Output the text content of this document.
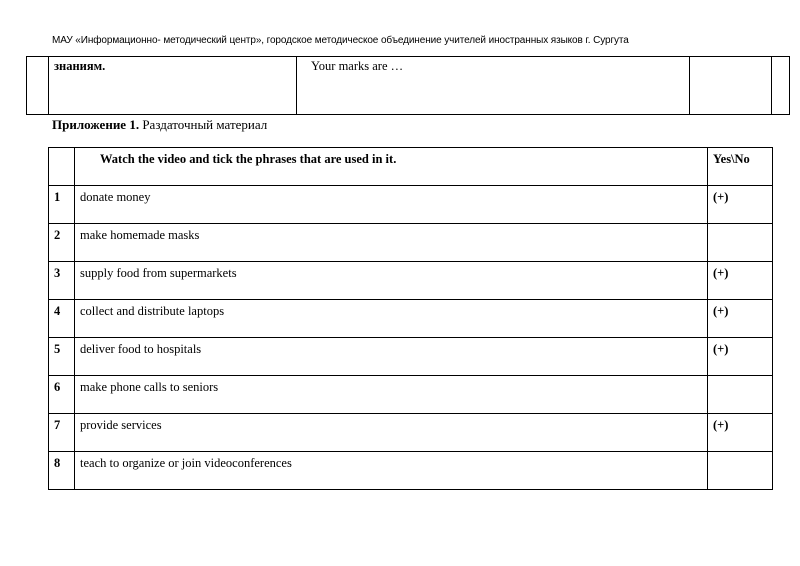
МАУ «Информационно- методический центр», городское методическое объединение учителей иностранных языков г. Сургута
	знаниям.	Your marks are …		
Приложение 1. Раздаточный материал
	Watch the video and tick the phrases that are used in it.	Yes\No
1	donate money	(+)
2	make homemade masks	
3	supply food from supermarkets	(+)
4	collect and distribute laptops	(+)
5	deliver food to hospitals	(+)
6	make phone calls to seniors	
7	provide services	(+)
8	teach to organize or join videoconferences	
